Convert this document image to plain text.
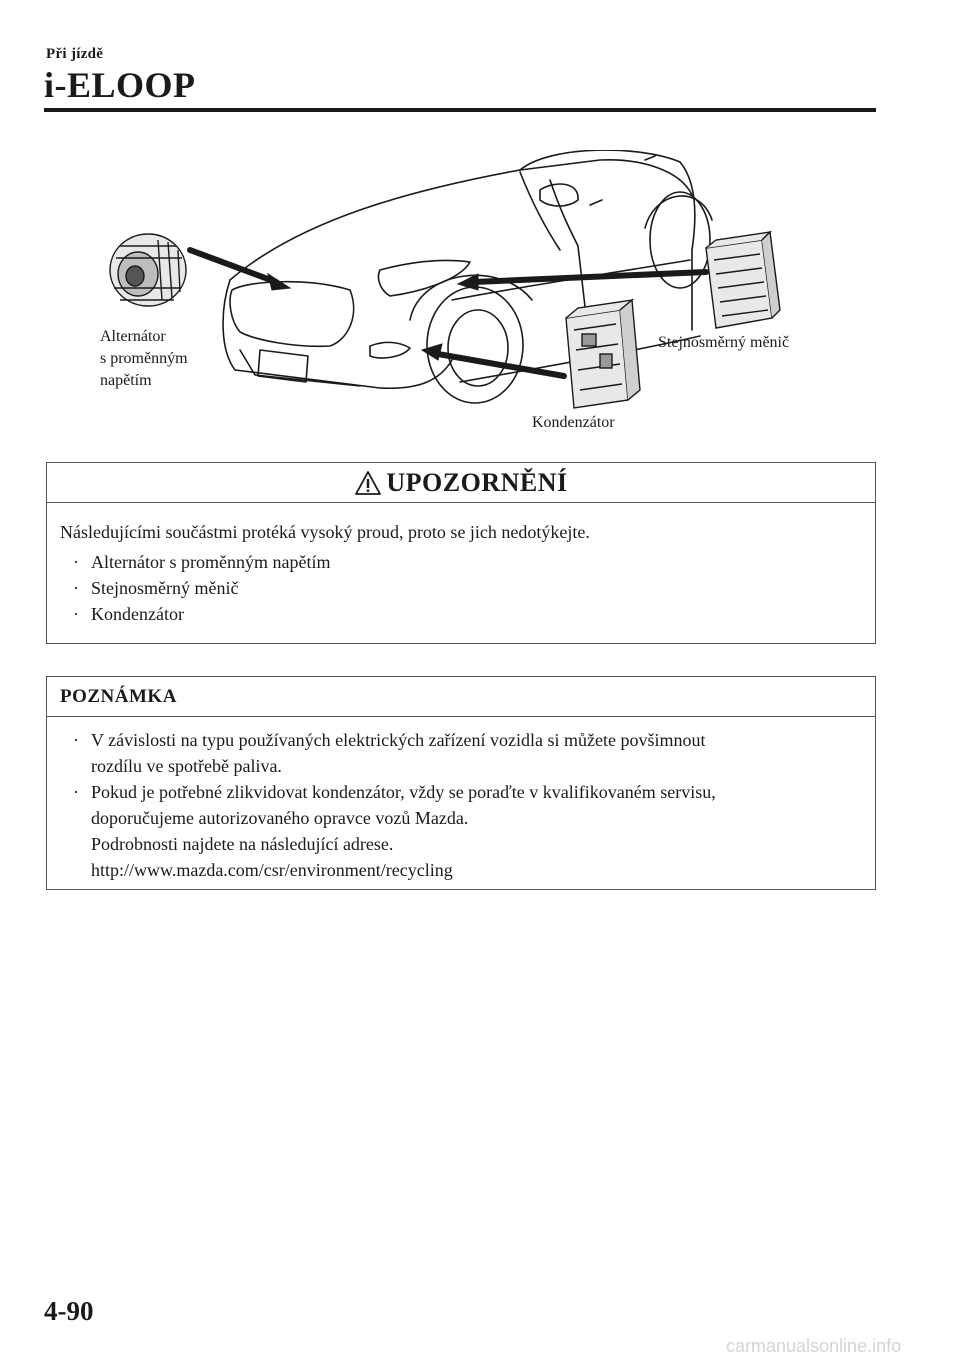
Při jízdě
i-ELOOP
Alternátor
s proměnným
napětím
Stejnosměrný měnič
Kondenzátor
UPOZORNĚNÍ

Následujícími součástmi protéká vysoký proud, proto se jich nedotýkejte.

· Alternátor s proměnným napětím
· Stejnosměrný měnič
· Kondenzátor
POZNÁMKA
· V závislosti na typu používaných elektrických zařízení vozidla si můžete povšimnout
rozdílu ve spotřebě paliva.
· Pokud je potřebné zlikvidovat kondenzátor, vždy se poraďte v kvalifikovaném servisu,
doporučujeme autorizovaného opravce vozů Mazda.
Podrobnosti najdete na následující adrese.
http://www.mazda.com/csr/environment/recycling
4-90
carmanualsonline.info
